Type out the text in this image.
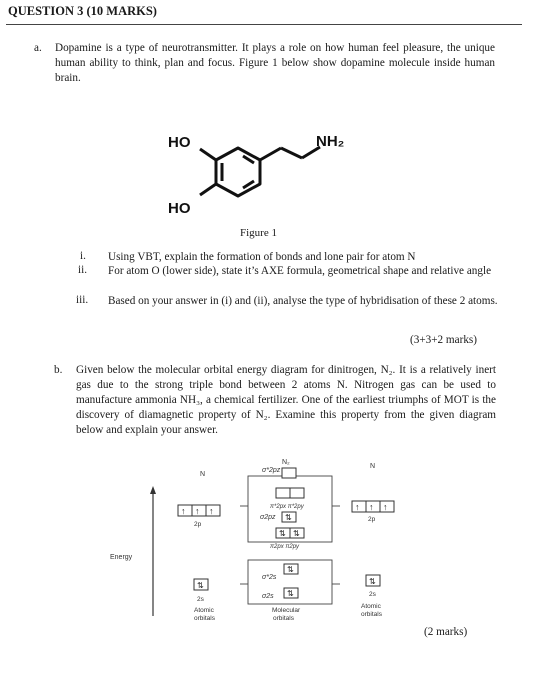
QUESTION 3 (10 MARKS)
a. Dopamine is a type of neurotransmitter. It plays a role on how human feel pleasure, the unique human ability to think, plan and focus. Figure 1 below show dopamine molecule inside human brain.
HO
HO
NH₂
Figure 1
i. Using VBT, explain the formation of bonds and lone pair for atom N
ii. For atom O (lower side), state it’s AXE formula, geometrical shape and relative angle
iii. Based on your answer in (i) and (ii), analyse the type of hybridisation of these 2 atoms.
(3+3+2 marks)
b. Given below the molecular orbital energy diagram for dinitrogen, N₂. It is a relatively inert gas due to the strong triple bond between 2 atoms N. Nitrogen gas can be used to manufacture ammonia NH₃, a chemical fertilizer. One of the earliest triumphs of MOT is the discovery of diamagnetic property of N₂. Examine this property from the given diagram below and explain your answer.
Energy
N
N
N₂
↑ ↑ ↑
2p
↑ ↑ ↑
2p
σ*2pz
π*2px π*2py
σ2pz ⇅
⇅ ⇅
π2px π2py
σ*2s
⇅
σ2s ⇅
⇅
2s
⇅
2s
Atomic
orbitals
Molecular
orbitals
Atomic
orbitals
(2 marks)
